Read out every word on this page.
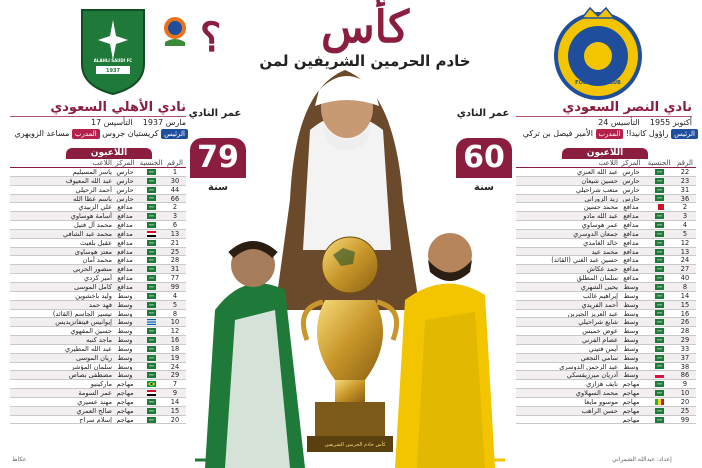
كأس
خادم الحرمين الشريفين لمن
؟
ALAHLI SAUDI FC
1937
AL NASSR
FOOTBALL CLUB
نادي الأهلي السعودي
17 مارس 1937    التأسيس
كريستيان جروس المدرب مساعد الزويهري	الرئيس
نادي النصر السعودي
24 أكتوبر 1955    التأسيس
راؤول كانيدا! المدرب الأمير فيصل بن تركي	الرئيس
كأس خادم الحرمين الشريفين
عمر النادي
79
سنة
عمر النادي
60
سنة
اللاعبون
اللاعب المركز الجنسية الرقم
ياسر المسيليم حارس	1
عبد الله المعيوف حارس	30
أحمد الرحيلي حارس	44
باسم عطا الله حارس	66
علي الزبيدي مدافع	2
أسامة هوساوي مدافع	3
محمد آل فتيل مدافع	6
محمد عبد الشافي مدافع	13
عقيل بلغيث مدافع	21
معتز هوساوي مدافع	25
محمد أمان مدافع	28
منصور الحربي مدافع	31
أمير كردي مدافع	77
كامل الموسى مدافع	99
وليد باخشوين وسط	4
فهد حمد وسط	5
تيسير الجاسم (القائد) وسط	8
إيوانيس فيتفاتزيديس وسط	10
حسين المقهوي وسط	12
ماجد كنبه وسط	16
عبد الله المطيري وسط	18
ريان الموسى وسط	19
سلمان المؤشر وسط	24
مصطفى بصاص وسط	29
ماركينيو مهاجم	7
عمر السومة مهاجم	9
مهند عسيري مهاجم	14
صالح العمري مهاجم	15
إسلام سراج مهاجم	20
اللاعبون
اللاعب المركز الجنسية الرقم
عبد الله العنزي حارس	22
حسين شيعان حارس	23
متعب شراحيلي حارس	31
زيد الزوراني حارس	36
محمد حسين مدافع	2
عبد الله مادو مدافع	3
عمر هوساوي مدافع	4
جمعان الدوسري مدافع	5
خالد الغامدي مدافع	12
محمد عيد مدافع	13
حسين عبد الغني (القائد) مدافع	24
حمد عكاش مدافع	27
سلمان المطلق مدافع	40
يحيى الشهري وسط	8
إبراهيم غالب وسط	14
أحمد الفريدي وسط	15
عبد العزيز الجبرين وسط	16
شايع شراحيلي وسط	26
عوض خميس وسط	28
عصام الفرني وسط	29
أيمن فتيني وسط	33
سامي النجعي وسط	37
عبد الرحمن الدوسري وسط	38
أدريان ميرزيفسكي وسط	86
نايف هزازي مهاجم	9
محمد السهلاوي مهاجم	10
موسوو مايغا مهاجم	20
حسن الراهب مهاجم	25
مهاجم	99
عكاظ	إعداد: عبدالله الشمراني
